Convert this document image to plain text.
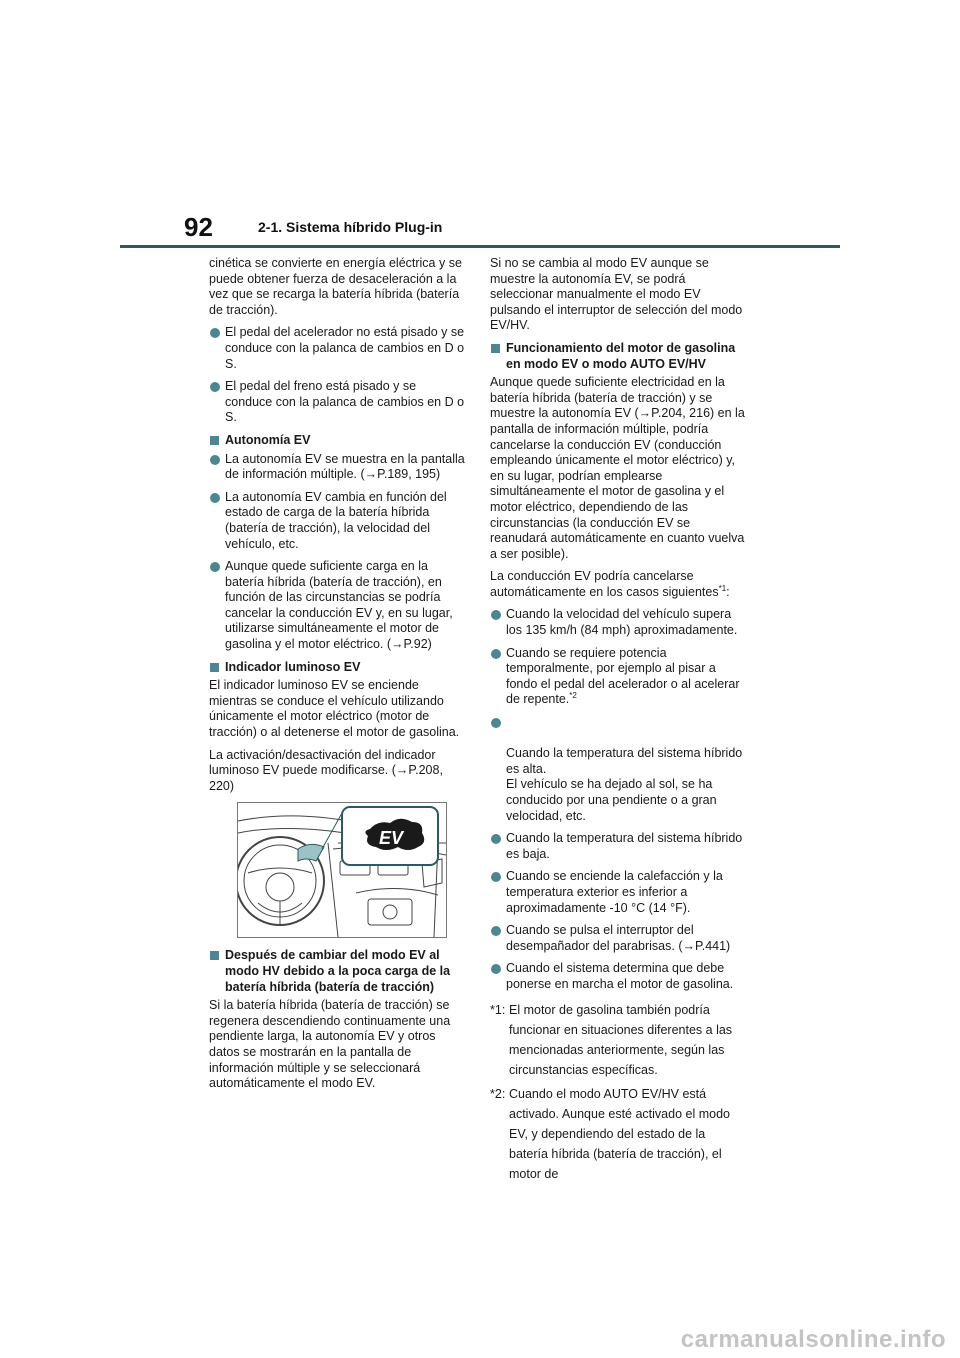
92	2-1. Sistema híbrido Plug-in

cinética se convierte en energía eléctrica y se puede obtener fuerza de desaceleración a la vez que se recarga la batería híbrida (batería de tracción).

El pedal del acelerador no está pisado y se conduce con la palanca de cambios en D o S.
El pedal del freno está pisado y se conduce con la palanca de cambios en D o S.
Autonomía EV
La autonomía EV se muestra en la pantalla de información múltiple. (→P.189, 195)
La autonomía EV cambia en función del estado de carga de la batería híbrida (batería de tracción), la velocidad del vehículo, etc.
Aunque quede suficiente carga en la batería híbrida (batería de tracción), en función de las circunstancias se podría cancelar la conducción EV y, en su lugar, utilizarse simultáneamente el motor de gasolina y el motor eléctrico. (→P.92)
Indicador luminoso EV

El indicador luminoso EV se enciende mientras se conduce el vehículo utilizando únicamente el motor eléctrico (motor de tracción) o al detenerse el motor de gasolina.

La activación/desactivación del indicador luminoso EV puede modificarse. (→P.208, 220)

EV
Después de cambiar del modo EV al modo HV debido a la poca carga de la batería híbrida (batería de tracción)

Si la batería híbrida (batería de tracción) se regenera descendiendo continuamente una pendiente larga, la autonomía EV y otros datos se mostrarán en la pantalla de información múltiple y se seleccionará automáticamente el modo EV.

Si no se cambia al modo EV aunque se muestre la autonomía EV, se podrá seleccionar manualmente el modo EV pulsando el interruptor de selección del modo EV/HV.

Funcionamiento del motor de gasolina en modo EV o modo AUTO EV/HV

Aunque quede suficiente electricidad en la batería híbrida (batería de tracción) y se muestre la autonomía EV (→P.204, 216) en la pantalla de información múltiple, podría cancelarse la conducción EV (conducción empleando únicamente el motor eléctrico) y, en su lugar, podrían emplearse simultáneamente el motor de gasolina y el motor eléctrico, dependiendo de las circunstancias (la conducción EV se reanudará automáticamente en cuanto vuelva a ser posible).

La conducción EV podría cancelarse automáticamente en los casos siguientes$^{*1}$:

Cuando la velocidad del vehículo supera los 135 km/h (84 mph) aproximadamente.
Cuando se requiere potencia temporalmente, por ejemplo al pisar a fondo el pedal del acelerador o al acelerar de repente.$^{*2}$

Cuando la temperatura del sistema híbrido es alta.
El vehículo se ha dejado al sol, se ha conducido por una pendiente o a gran velocidad, etc.

Cuando la temperatura del sistema híbrido es baja.
Cuando se enciende la calefacción y la temperatura exterior es inferior a aproximadamente -10 °C (14 °F).
Cuando se pulsa el interruptor del desempañador del parabrisas. (→P.441)
Cuando el sistema determina que debe ponerse en marcha el motor de gasolina.
*1: El motor de gasolina también podría funcionar en situaciones diferentes a las mencionadas anteriormente, según las circunstancias específicas.
*2: Cuando el modo AUTO EV/HV está activado. Aunque esté activado el modo EV, y dependiendo del estado de la batería híbrida (batería de tracción), el motor de
carmanualsonline.info
